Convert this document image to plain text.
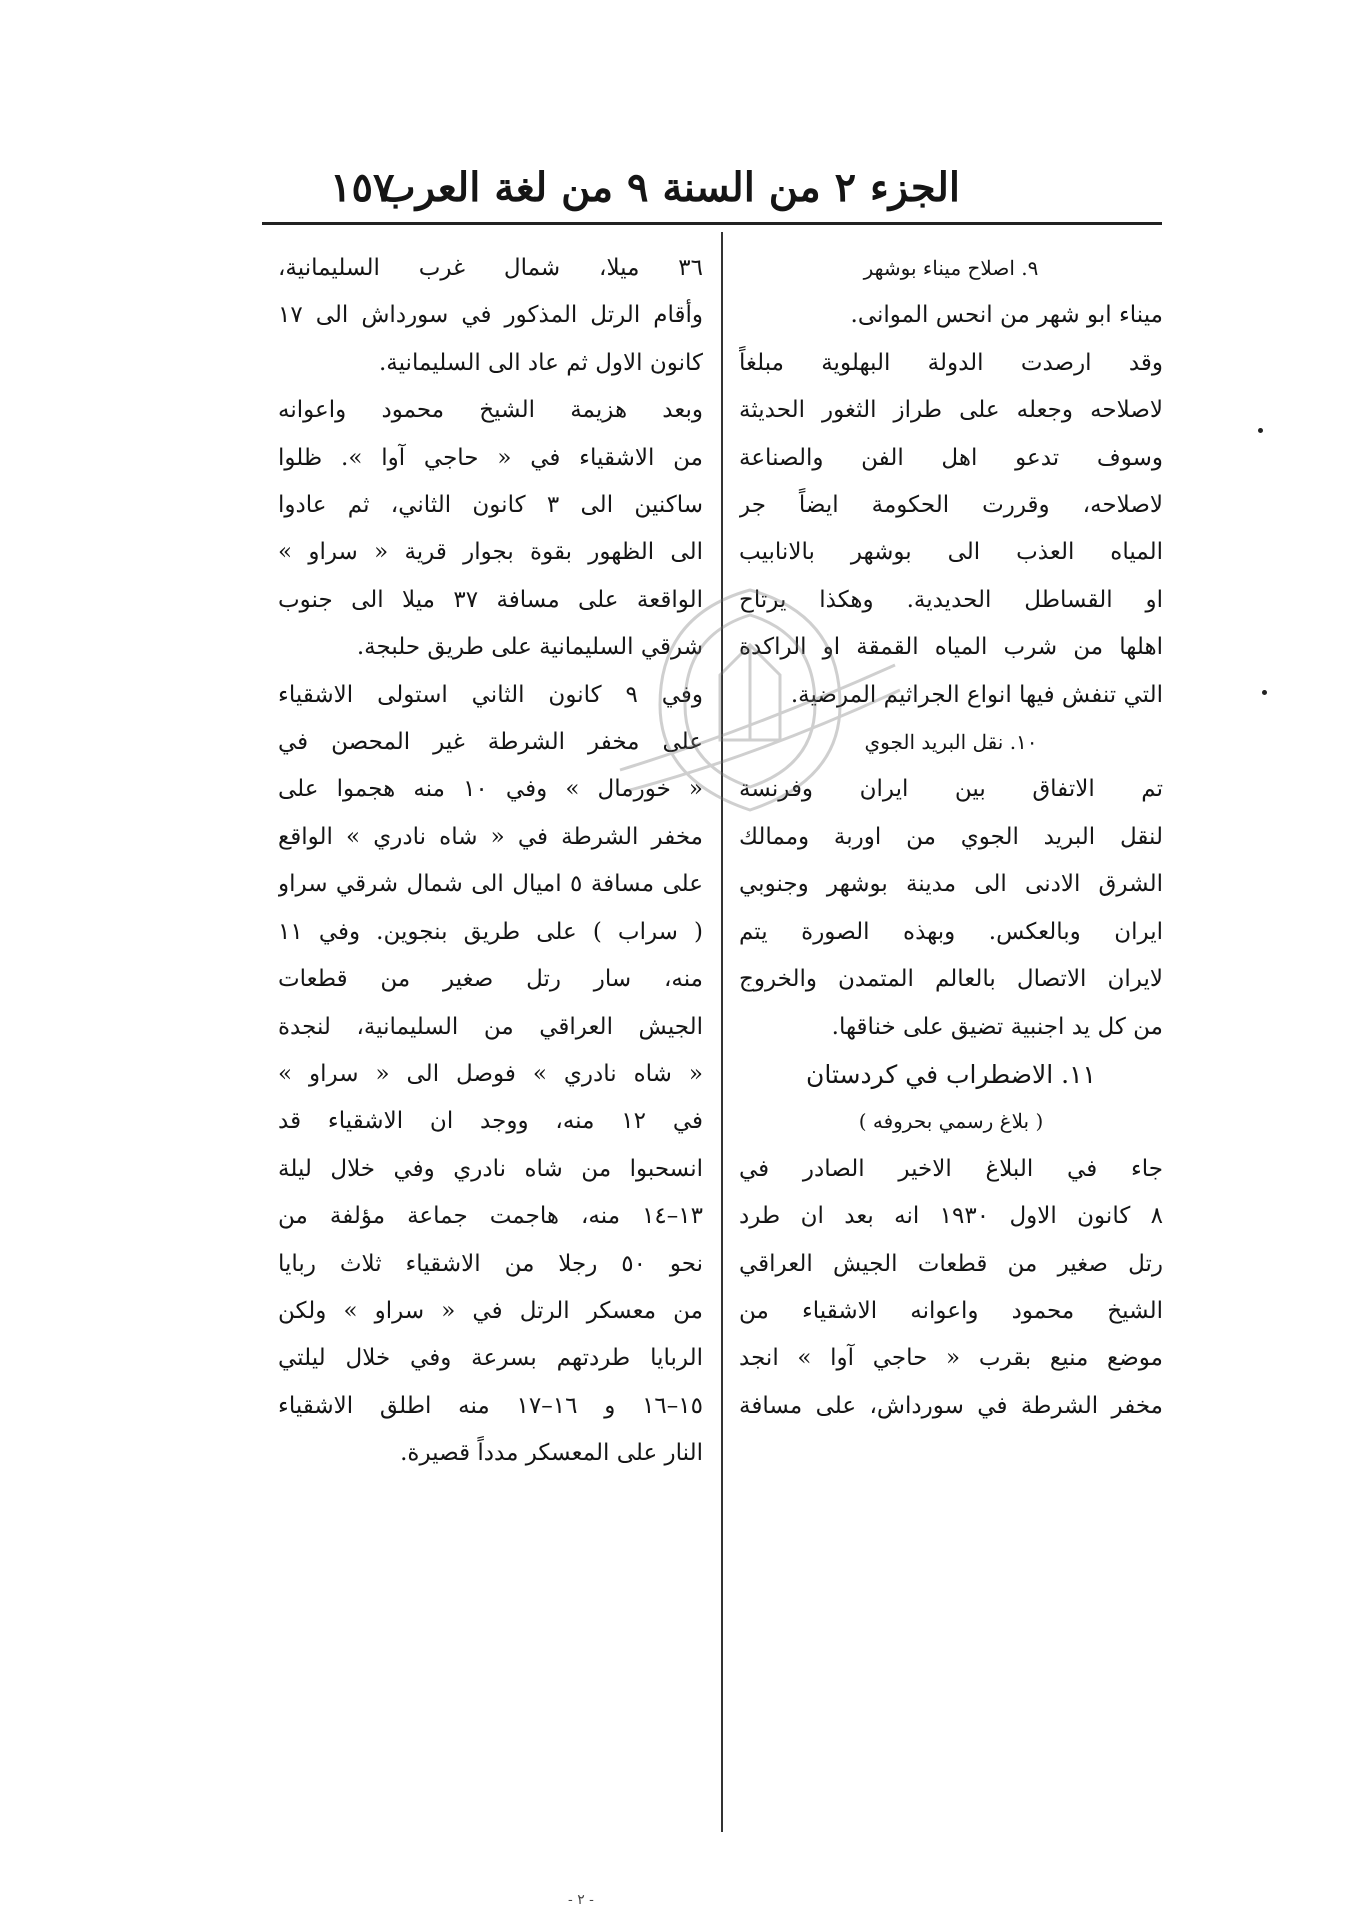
الجزء ٢ من السنة ٩ من لغة العرب
١٥٧
٩. اصلاح ميناء بوشهر
ميناء ابو شهر من انحس الموانى.
وقد ارصدت الدولة البهلوية مبلغاً
لاصلاحه وجعله على طراز الثغور الحديثة
وسوف تدعو اهل الفن والصناعة
لاصلاحه، وقررت الحكومة ايضاً جر
المياه العذب الى بوشهر بالانابيب
او القساطل الحديدية. وهكذا يرتاح
اهلها من شرب المياه القمقة او الراكدة
التي تنفش فيها انواع الجراثيم المرضية.
١٠. نقل البريد الجوي
تم الاتفاق بين ايران وفرنسة
لنقل البريد الجوي من اوربة وممالك
الشرق الادنى الى مدينة بوشهر وجنوبي
ايران وبالعكس. وبهذه الصورة يتم
لايران الاتصال بالعالم المتمدن والخروج
من كل يد اجنبية تضيق على خناقها.
١١. الاضطراب في كردستان
( بلاغ رسمي بحروفه )
جاء في البلاغ الاخير الصادر في
٨ كانون الاول ١٩٣٠ انه بعد ان طرد
رتل صغير من قطعات الجيش العراقي
الشيخ محمود واعوانه الاشقياء من
موضع منيع بقرب « حاجي آوا » انجد
مخفر الشرطة في سورداش، على مسافة
٣٦ ميلا، شمال غرب السليمانية،
وأقام الرتل المذكور في سورداش الى ١٧
كانون الاول ثم عاد الى السليمانية.
وبعد هزيمة الشيخ محمود واعوانه
من الاشقياء في « حاجي آوا ». ظلوا
ساكنين الى ٣ كانون الثاني، ثم عادوا
الى الظهور بقوة بجوار قرية « سراو »
الواقعة على مسافة ٣٧ ميلا الى جنوب
شرقي السليمانية على طريق حلبجة.
وفي ٩ كانون الثاني استولى الاشقياء
على مخفر الشرطة غير المحصن في
« خورمال » وفي ١٠ منه هجموا على
مخفر الشرطة في « شاه نادري » الواقع
على مسافة ٥ اميال الى شمال شرقي سراو
( سراب ) على طريق بنجوين. وفي ١١
منه، سار رتل صغير من قطعات
الجيش العراقي من السليمانية، لنجدة
« شاه نادري » فوصل الى « سراو »
في ١٢ منه، ووجد ان الاشقياء قد
انسحبوا من شاه نادري وفي خلال ليلة
١٣–١٤ منه، هاجمت جماعة مؤلفة من
نحو ٥٠ رجلا من الاشقياء ثلاث ربايا
من معسكر الرتل في « سراو » ولكن
الربايا طردتهم بسرعة وفي خلال ليلتي
١٥–١٦ و ١٦–١٧ منه اطلق الاشقياء
النار على المعسكر مدداً قصيرة.
- ۲ -
